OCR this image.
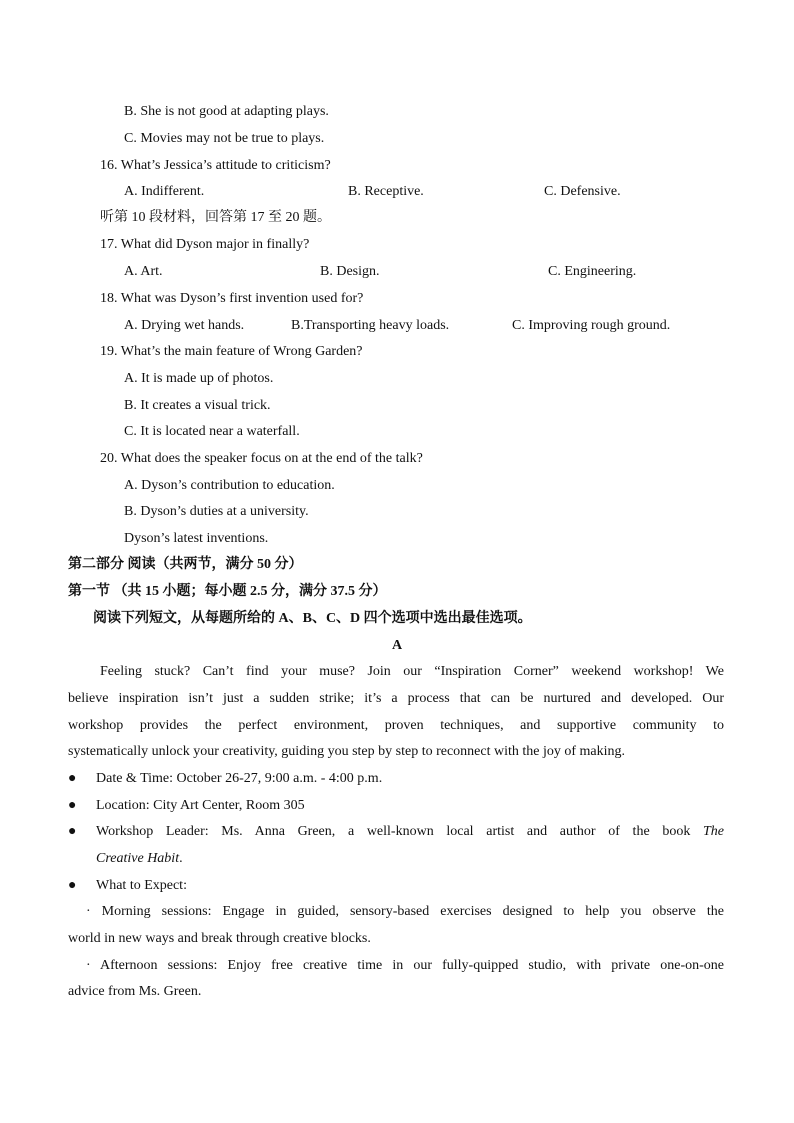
B. She is not good at adapting plays.
C. Movies may not be true to plays.
16. What’s Jessica’s attitude to criticism?
A. Indifferent.	B. Receptive.	C. Defensive.
听第 10 段材料，回答第 17 至 20 题。
17. What did Dyson major in finally?
A. Art.	B. Design.	C. Engineering.
18. What was Dyson’s first invention used for?
A. Drying wet hands.	B.Transporting heavy loads.	C. Improving rough ground.
19. What’s the main feature of Wrong Garden?
A. It is made up of photos.
B. It creates a visual trick.
C. It is located near a waterfall.
20. What does the speaker focus on at the end of the talk?
A. Dyson’s contribution to education.
B. Dyson’s duties at a university.
Dyson’s latest inventions.
第二部分 阅读（共两节，满分 50 分）
第一节 （共 15 小题；每小题 2.5 分，满分 37.5 分）
阅读下列短文，从每题所给的 A、B、C、D 四个选项中选出最佳选项。
A
Feeling stuck? Can’t find your muse? Join our “Inspiration Corner” weekend workshop! We
believe inspiration isn’t just a sudden strike; it’s a process that can be nurtured and developed. Our
workshop provides the perfect environment, proven techniques, and supportive community to
systematically unlock your creativity, guiding you step by step to reconnect with the joy of making.
● Date & Time: October 26-27, 9:00 a.m. - 4:00 p.m.
● Location: City Art Center, Room 305
● Workshop Leader: Ms. Anna Green, a well-known local artist and author of the book The
Creative Habit.
● What to Expect:
· Morning sessions: Engage in guided, sensory-based exercises designed to help you observe the
world in new ways and break through creative blocks.
· Afternoon sessions: Enjoy free creative time in our fully-quipped studio, with private one-on-one
advice from Ms. Green.
